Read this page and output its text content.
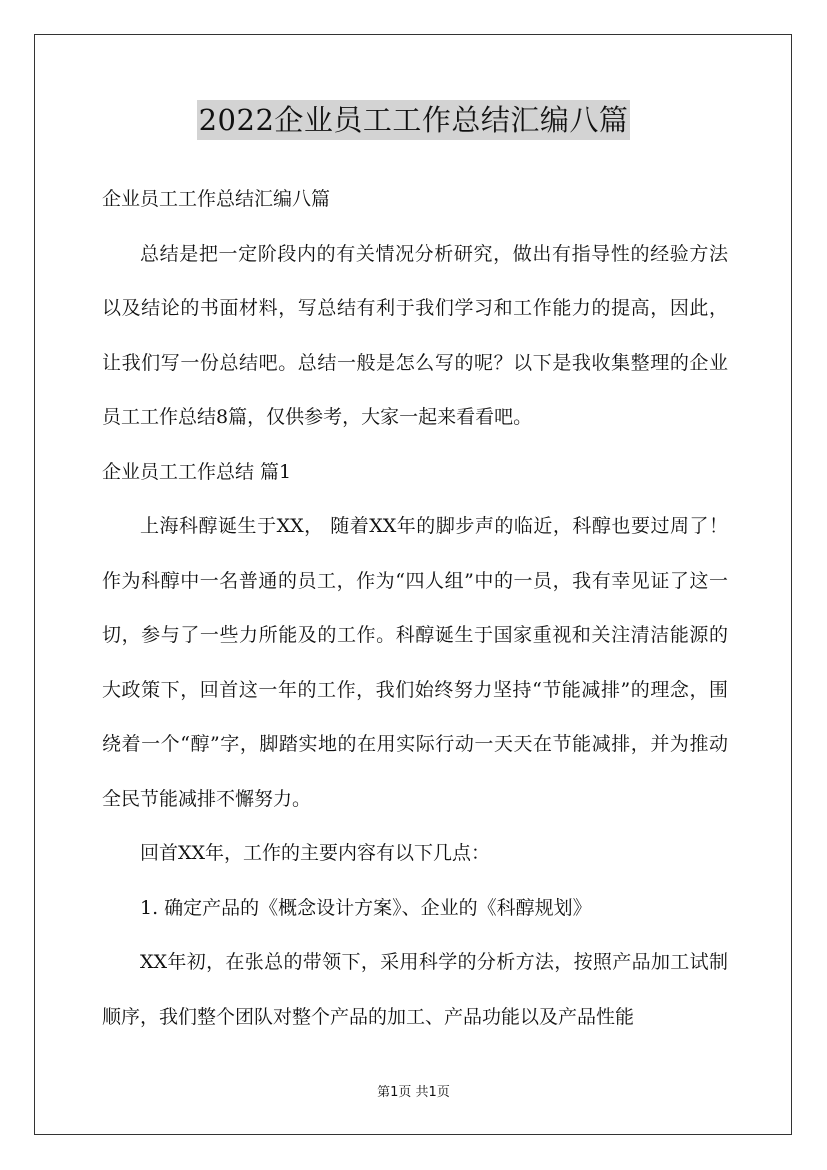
2022企业员工工作总结汇编八篇

企业员工工作总结汇编八篇

总结是把一定阶段内的有关情况分析研究，做出有指导性的经验方法以及结论的书面材料，写总结有利于我们学习和工作能力的提高，因此，让我们写一份总结吧。总结一般是怎么写的呢？以下是我收集整理的企业员工工作总结8篇，仅供参考，大家一起来看看吧。

企业员工工作总结 篇1

上海科醇诞生于XX， 随着XX年的脚步声的临近，科醇也要过周了！作为科醇中一名普通的员工，作为“四人组”中的一员，我有幸见证了这一切，参与了一些力所能及的工作。科醇诞生于国家重视和关注清洁能源的大政策下，回首这一年的工作，我们始终努力坚持“节能减排”的理念，围绕着一个“醇”字，脚踏实地的在用实际行动一天天在节能减排，并为推动全民节能减排不懈努力。

回首XX年，工作的主要内容有以下几点：

1. 确定产品的《概念设计方案》、企业的《科醇规划》

XX年初，在张总的带领下，采用科学的分析方法，按照产品加工试制顺序，我们整个团队对整个产品的加工、产品功能以及产品性能

第1页 共1页
